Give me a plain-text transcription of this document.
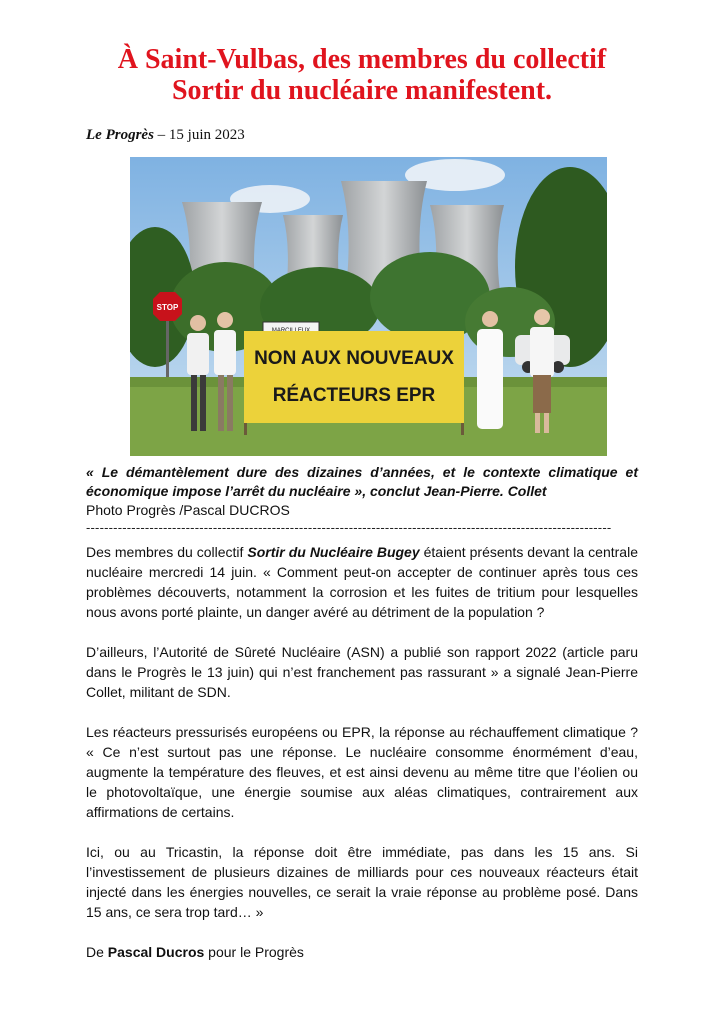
À Saint-Vulbas, des membres du collectif
Sortir du nucléaire manifestent.
Le Progrès – 15 juin 2023
STOP
NON AUX NOUVEAUX
RÉACTEURS EPR
« Le démantèlement dure des dizaines d’années, et le contexte climatique et économique impose l’arrêt du nucléaire », conclut Jean-Pierre. Collet
Photo Progrès /Pascal DUCROS
--------------------------------------------------------------------------------------------------------------------

Des membres du collectif Sortir du Nucléaire Bugey étaient présents devant la centrale nucléaire mercredi 14 juin. « Comment peut-on accepter de continuer après tous ces problèmes découverts, notamment la corrosion et les fuites de tritium pour lesquelles nous avons porté plainte, un danger avéré au détriment de la population ?

D’ailleurs, l’Autorité de Sûreté Nucléaire (ASN) a publié son rapport 2022 (article paru dans le Progrès le 13 juin) qui n’est franchement pas rassurant » a signalé Jean-Pierre Collet, militant de SDN.

Les réacteurs pressurisés européens ou EPR, la réponse au réchauffement climatique ? « Ce n’est surtout pas une réponse. Le nucléaire consomme énormément d’eau, augmente la température des fleuves, et est ainsi devenu au même titre que l’éolien ou le photovoltaïque, une énergie soumise aux aléas climatiques, contrairement aux affirmations de certains.

Ici, ou au Tricastin, la réponse doit être immédiate, pas dans les 15 ans. Si l’investissement de plusieurs dizaines de milliards pour ces nouveaux réacteurs était injecté dans les énergies nouvelles, ce serait la vraie réponse au problème posé. Dans 15 ans, ce sera trop tard… »

De Pascal Ducros pour le Progrès
